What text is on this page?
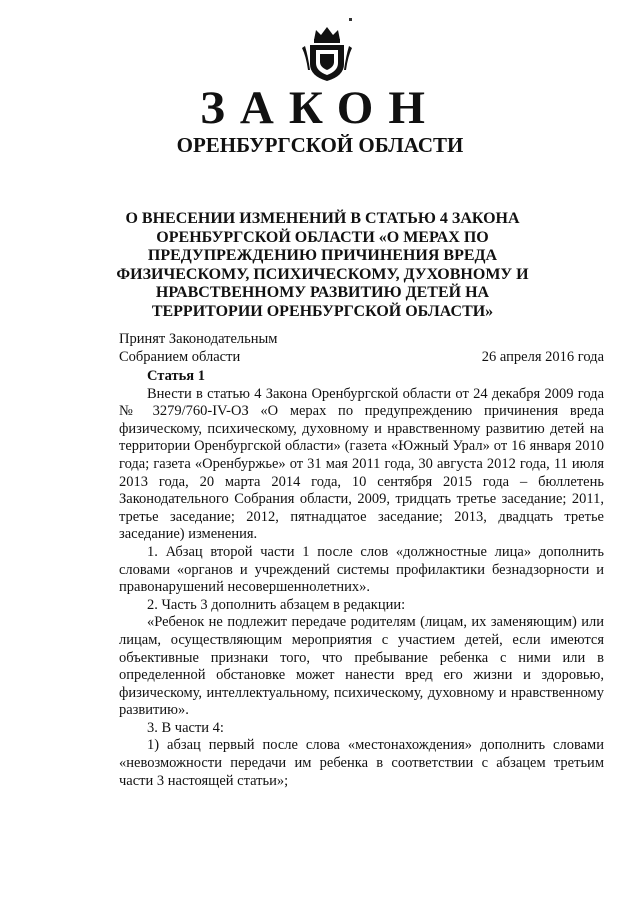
ЗАКОН
ОРЕНБУРГСКОЙ ОБЛАСТИ
О ВНЕСЕНИИ ИЗМЕНЕНИЙ В СТАТЬЮ 4 ЗАКОНА ОРЕНБУРГСКОЙ ОБЛАСТИ «О МЕРАХ ПО ПРЕДУПРЕЖДЕНИЮ ПРИЧИНЕНИЯ ВРЕДА ФИЗИЧЕСКОМУ, ПСИХИЧЕСКОМУ, ДУХОВНОМУ И НРАВСТВЕННОМУ РАЗВИТИЮ ДЕТЕЙ НА ТЕРРИТОРИИ ОРЕНБУРГСКОЙ ОБЛАСТИ»
Принят Законодательным
Собранием области	26 апреля 2016 года
Статья 1

Внести в статью 4 Закона Оренбургской области от 24 декабря 2009 года № 3279/760-IV-ОЗ «О мерах по предупреждению причинения вреда физическому, психическому, духовному и нравственному развитию детей на территории Оренбургской области» (газета «Южный Урал» от 16 января 2010 года; газета «Оренбуржье» от 31 мая 2011 года, 30 августа 2012 года, 11 июля 2013 года, 20 марта 2014 года, 10 сентября 2015 года – бюллетень Законодательного Собрания области, 2009, тридцать третье заседание; 2011, третье заседание; 2012, пятнадцатое заседание; 2013, двадцать третье заседание) изменения.

1. Абзац второй части 1 после слов «должностные лица» дополнить словами «органов и учреждений системы профилактики безнадзорности и правонарушений несовершеннолетних».

2. Часть 3 дополнить абзацем в редакции:

«Ребенок не подлежит передаче родителям (лицам, их заменяющим) или лицам, осуществляющим мероприятия с участием детей, если имеются объективные признаки того, что пребывание ребенка с ними или в определенной обстановке может нанести вред его жизни и здоровью, физическому, интеллектуальному, психическому, духовному и нравственному развитию».

3. В части 4:

1) абзац первый после слова «местонахождения» дополнить словами «невозможности передачи им ребенка в соответствии с абзацем третьим части 3 настоящей статьи»;
